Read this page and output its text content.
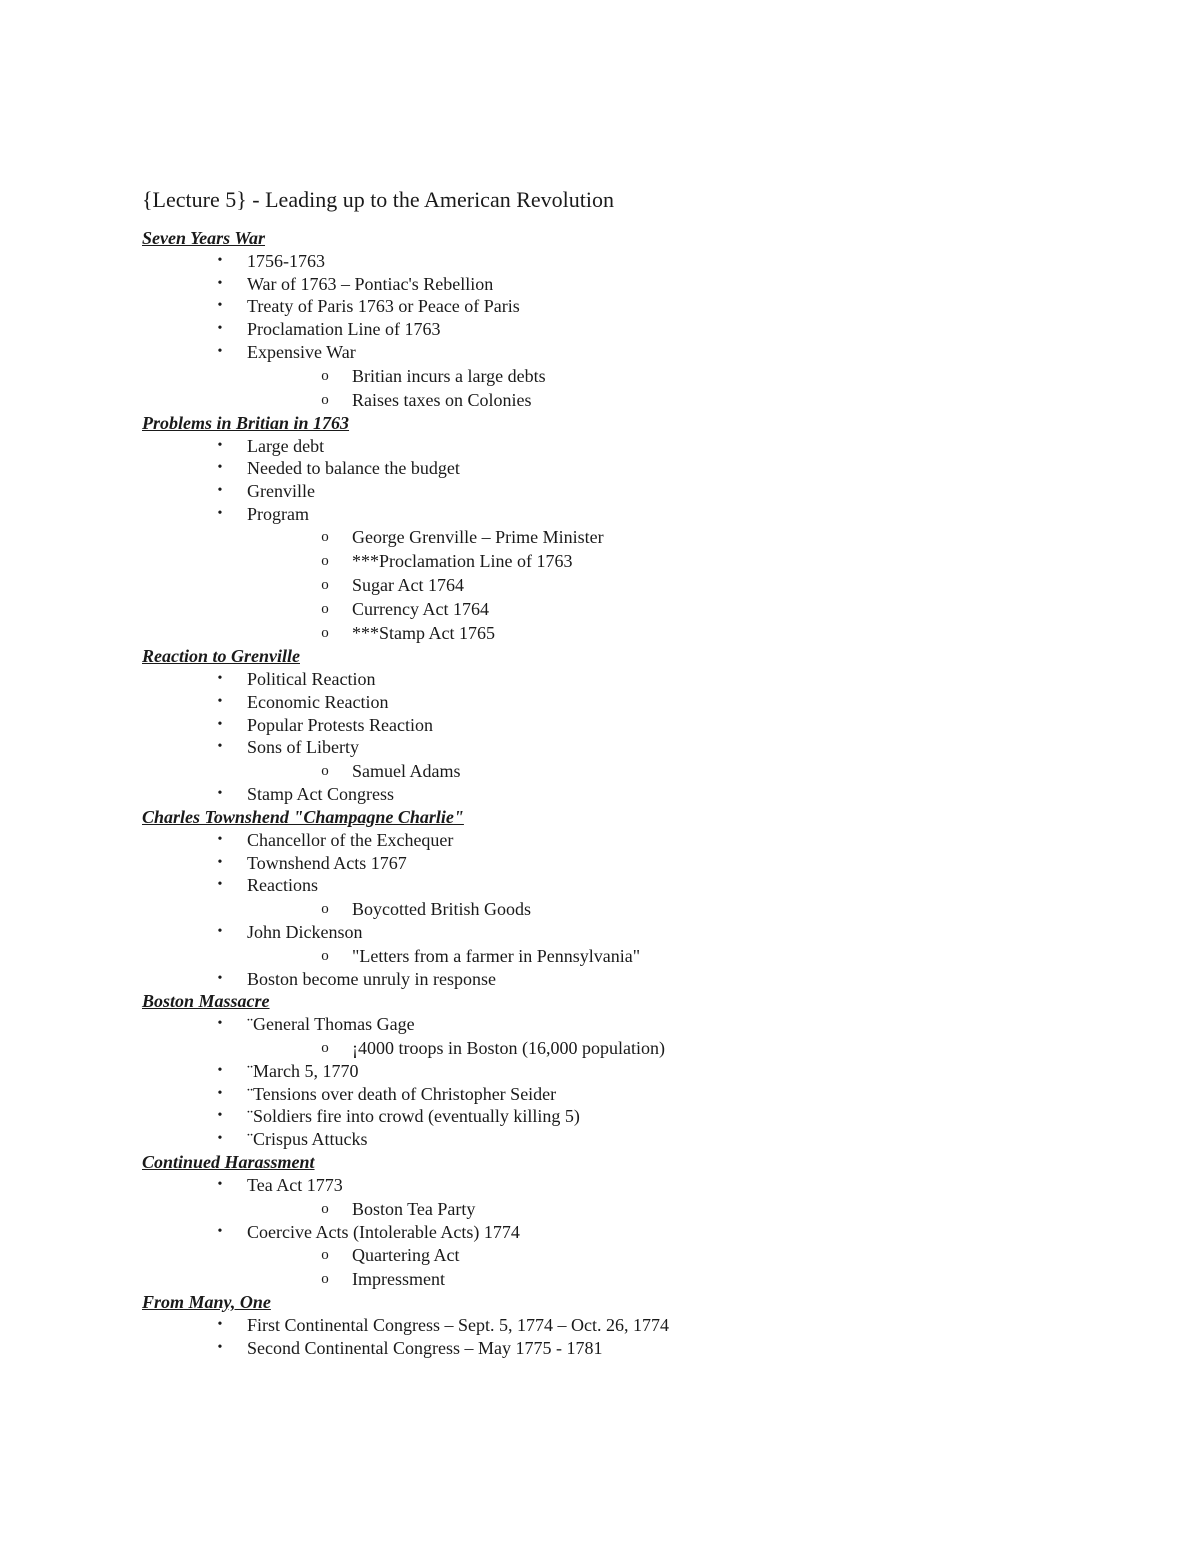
{Lecture 5} - Leading up to the American Revolution
Seven Years War
•
1756-1763
•
War of 1763 – Pontiac's Rebellion
•
Treaty of Paris 1763 or Peace of Paris
•
Proclamation Line of 1763
•
Expensive War
o
Britian incurs a large debts
o
Raises taxes on Colonies
Problems in Britian in 1763
•
Large debt
•
Needed to balance the budget
•
Grenville
•
Program
o
George Grenville – Prime Minister
o
***Proclamation Line of 1763
o
Sugar Act 1764
o
Currency Act 1764
o
***Stamp Act 1765
Reaction to Grenville
•
Political Reaction
•
Economic Reaction
•
Popular Protests Reaction
•
Sons of Liberty
o
Samuel Adams
•
Stamp Act Congress
Charles Townshend "Champagne Charlie"
•
Chancellor of the Exchequer
•
Townshend Acts 1767
•
Reactions
o
Boycotted British Goods
•
John Dickenson
o
"Letters from a farmer in Pennsylvania"
•
Boston become unruly in response
Boston Massacre
•
¨General Thomas Gage
o
¡4000 troops in Boston (16,000 population)
•
¨March 5, 1770
•
¨Tensions over death of Christopher Seider
•
¨Soldiers fire into crowd (eventually killing 5)
•
¨Crispus Attucks
Continued Harassment
•
Tea Act 1773
o
Boston Tea Party
•
Coercive Acts (Intolerable Acts) 1774
o
Quartering Act
o
Impressment
From Many, One
•
First Continental Congress – Sept. 5, 1774 – Oct. 26, 1774
•
Second Continental Congress – May 1775 - 1781
